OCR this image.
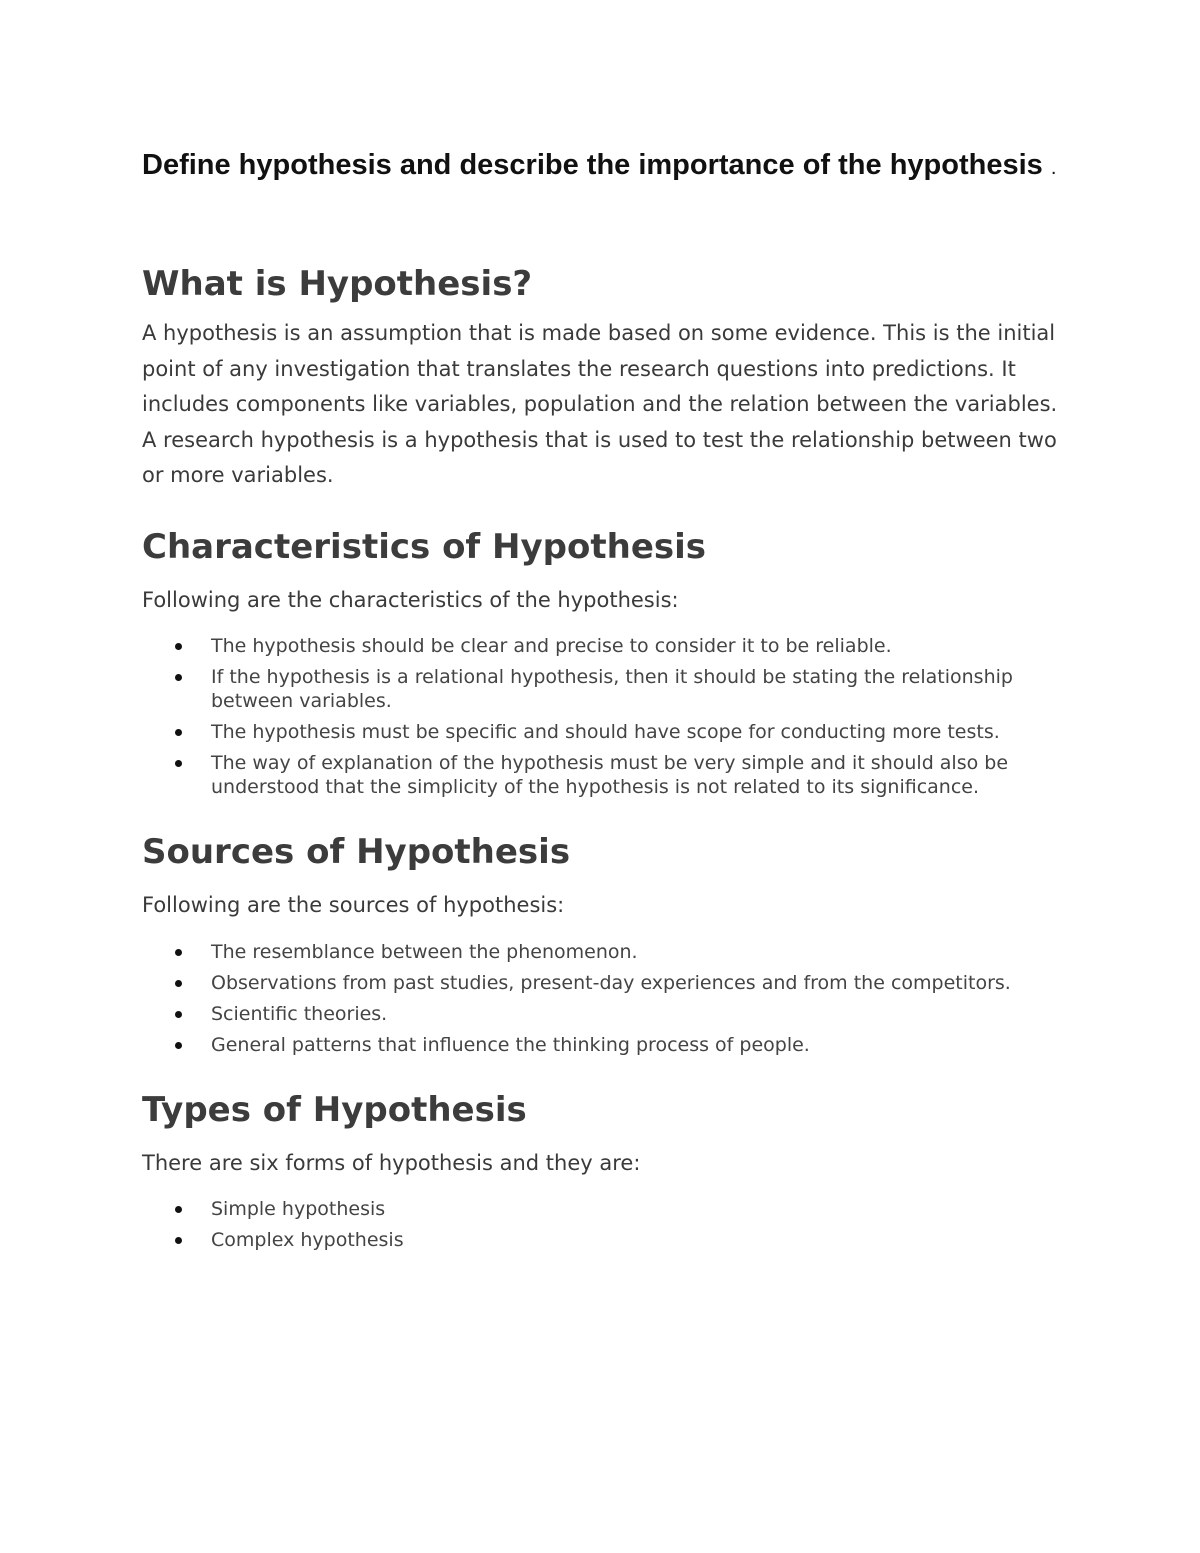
Define hypothesis and describe the importance of the hypothesis .

What is Hypothesis?

A hypothesis is an assumption that is made based on some evidence. This is the initial point of any investigation that translates the research questions into predictions. It includes components like variables, population and the relation between the variables. A research hypothesis is a hypothesis that is used to test the relationship between two or more variables.

Characteristics of Hypothesis

Following are the characteristics of the hypothesis:

The hypothesis should be clear and precise to consider it to be reliable.
If the hypothesis is a relational hypothesis, then it should be stating the relationship between variables.
The hypothesis must be specific and should have scope for conducting more tests.
The way of explanation of the hypothesis must be very simple and it should also be understood that the simplicity of the hypothesis is not related to its significance.
Sources of Hypothesis

Following are the sources of hypothesis:

The resemblance between the phenomenon.
Observations from past studies, present-day experiences and from the competitors.
Scientific theories.
General patterns that influence the thinking process of people.
Types of Hypothesis

There are six forms of hypothesis and they are:

Simple hypothesis
Complex hypothesis
